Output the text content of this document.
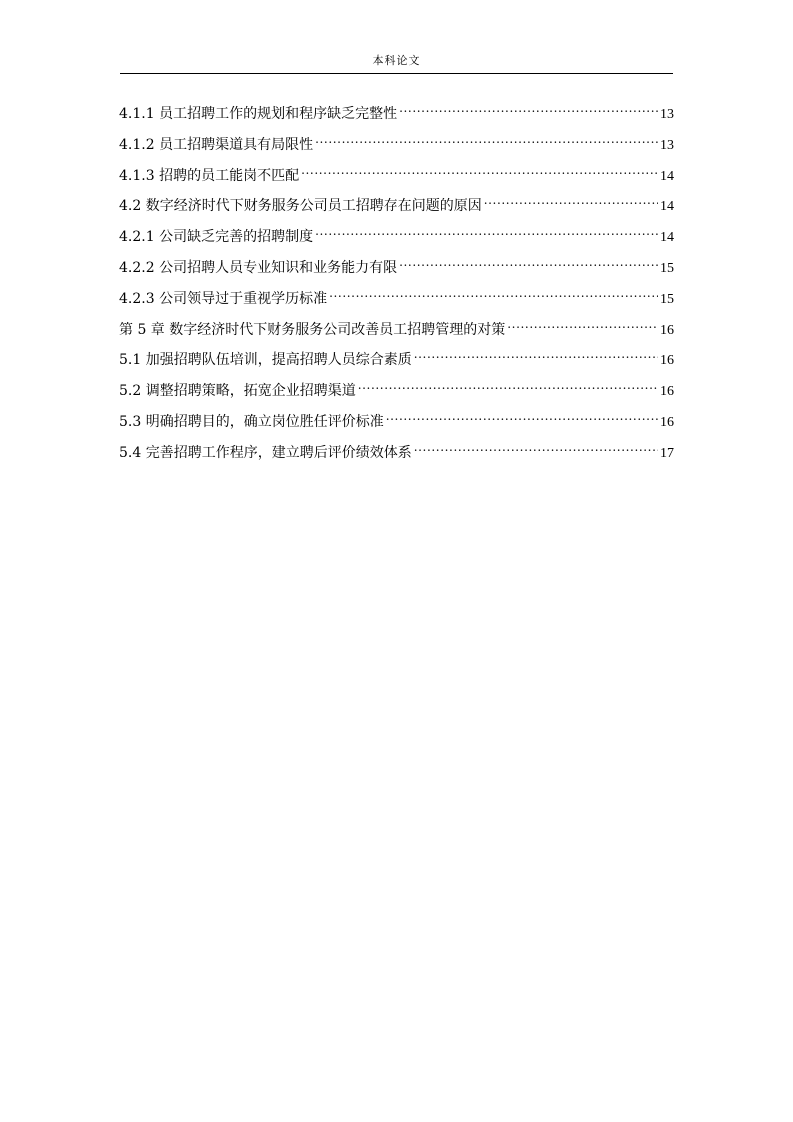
本科论文
4.1.1 员工招聘工作的规划和程序缺乏完整性 .....	13
4.1.2 员工招聘渠道具有局限性 .....	13
4.1.3 招聘的员工能岗不匹配 .....	14
4.2 数字经济时代下财务服务公司员工招聘存在问题的原因 .....	14
4.2.1 公司缺乏完善的招聘制度 .....	14
4.2.2 公司招聘人员专业知识和业务能力有限 .....	15
4.2.3 公司领导过于重视学历标准 .....	15
第 5 章 数字经济时代下财务服务公司改善员工招聘管理的对策 .....	16
5.1 加强招聘队伍培训，提高招聘人员综合素质 .....	16
5.2 调整招聘策略，拓宽企业招聘渠道 .....	16
5.3 明确招聘目的，确立岗位胜任评价标准 .....	16
5.4 完善招聘工作程序，建立聘后评价绩效体系 .....	17
